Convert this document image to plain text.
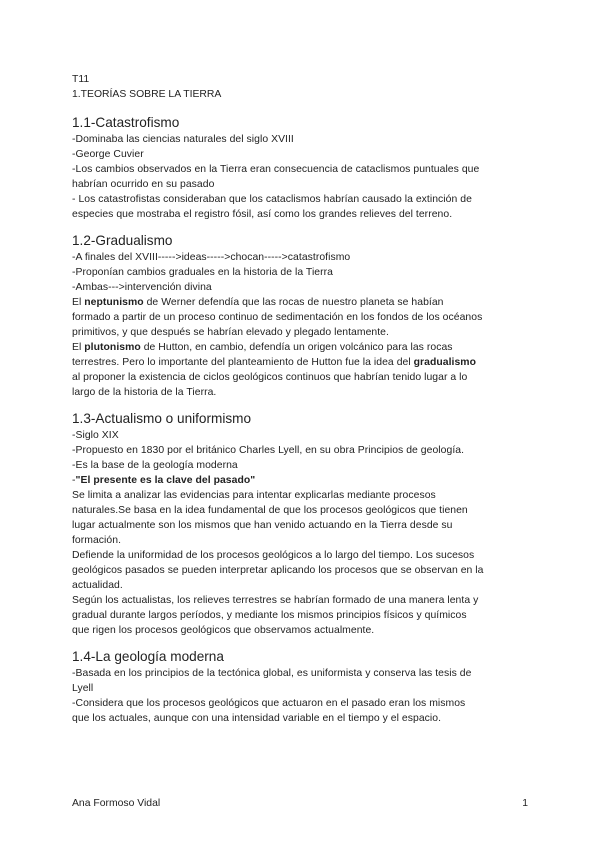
T11
1.TEORÍAS SOBRE LA TIERRA
1.1-Catastrofismo
-Dominaba las ciencias naturales del siglo XVIII
-George Cuvier
-Los cambios observados en la Tierra eran consecuencia de cataclismos puntuales que
habrían ocurrido en su pasado
- Los catastrofistas consideraban que los cataclismos habrían causado la extinción de
especies que mostraba el registro fósil, así como los grandes relieves del terreno.
1.2-Gradualismo
-A finales del XVIII----->ideas----->chocan----->catastrofismo
-Proponían cambios graduales en la historia de la Tierra
-Ambas--->intervención divina
El neptunismo de Werner defendía que las rocas de nuestro planeta se habían
formado a partir de un proceso continuo de sedimentación en los fondos de los océanos
primitivos, y que después se habrían elevado y plegado lentamente.
El plutonismo de Hutton, en cambio, defendía un origen volcánico para las rocas
terrestres. Pero lo importante del planteamiento de Hutton fue la idea del gradualismo
al proponer la existencia de ciclos geológicos continuos que habrían tenido lugar a lo
largo de la historia de la Tierra.
1.3-Actualismo o uniformismo
-Siglo XIX
-Propuesto en 1830 por el británico Charles Lyell, en su obra Principios de geología.
-Es la base de la geología moderna
-"El presente es la clave del pasado"
Se limita a analizar las evidencias para intentar explicarlas mediante procesos
naturales.Se basa en la idea fundamental de que los procesos geológicos que tienen
lugar actualmente son los mismos que han venido actuando en la Tierra desde su
formación.
Defiende la uniformidad de los procesos geológicos a lo largo del tiempo. Los sucesos
geológicos pasados se pueden interpretar aplicando los procesos que se observan en la
actualidad.
Según los actualistas, los relieves terrestres se habrían formado de una manera lenta y
gradual durante largos períodos, y mediante los mismos principios físicos y químicos
que rigen los procesos geológicos que observamos actualmente.
1.4-La geología moderna
-Basada en los principios de la tectónica global, es uniformista y conserva las tesis de
Lyell
-Considera que los procesos geológicos que actuaron en el pasado eran los mismos
que los actuales, aunque con una intensidad variable en el tiempo y el espacio.
Ana Formoso Vidal	1
